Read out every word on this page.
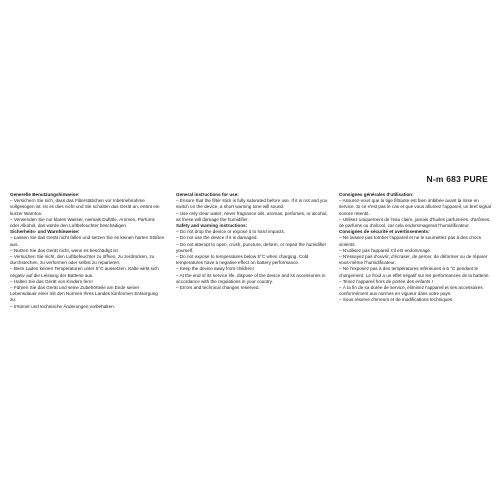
N-m 683 PURE
Generelle Benutzungshinweise:
– Versichern Sie sich, dass das Filterstäbchen vor Inbetriebnahme vollgesogen ist. Ist es dies nicht und Sie schalten das Gerät an, ertönt ein kurzer Warnton.
– Verwenden Sie nur klares Wasser, niemals Duftöle, Aromen, Parfums oder Alkohol, das würde den Luftbefeuchter beschädigen.
Sicherheits- und Warnhinweise:
– Lassen Sie das Gerät nicht fallen und setzen Sie es keinen harten Stößen aus.
– Nutzen Sie das Gerät nicht, wenn es beschädigt ist.
– Versuchen Sie nicht, den Luftbefeuchter zu öffnen, zu zerdrücken, zu durchstechen, zu verformen oder selbst zu reparieren.
– Beim Laden keinen Temperaturen unter 5°C aussetzen. Kälte wirkt sich negativ auf die Leistung der Batterie aus.
– Halten Sie das Gerät von Kindern fern!
– Führen Sie das Gerät und seine Zubehörteile am Ende seiner Lebensdauer einer mit den Normen Ihres Landes konformen Entsorgung zu.
– Irrtümer und technische Änderungen vorbehalten.
General instructions for use:
– Ensure that the filter stick is fully saturated before use. If it is not and you switch on the device, a short warning tone will sound.
– Use only clear water; never fragrance oils, aromas, perfumes, or alcohol, as these will damage the humidifier.
Safety and warning instructions:
– Do not drop the device or expose it to hard impacts.
– Do not use the device if it is damaged.
– Do not attempt to open, crush, puncture, deform, or repair the humidifier yourself.
– Do not expose to temperatures below 5°C when charging. Cold temperatures have a negative effect on battery performance.
– Keep the device away from children!
– At the end of its service life, dispose of the device and its accessories in accordance with the regulations in your country.
– Errors and technical changes reserved.
Consignes générales d'utilisation:
– Assurez-vous que la tige filtrante est bien imbibée avant la mise en service. Si ce n'est pas le cas et que vous allumez l'appareil, un bref signal sonore retentit.
– Utilisez uniquement de l'eau claire, jamais d'huiles parfumées, d'arômes, de parfums ou d'alcool, car cela endommagerait l'humidificateur.
Consignes de sécurité et avertissements:
– Ne laissez pas tomber l'appareil et ne le soumettez pas à des chocs violents.
– N'utilisez pas l'appareil s'il est endommagé.
– N'essayez pas d'ouvrir, d'écraser, de percer, de déformer ou de réparer vous-même l'humidificateur.
– Ne l'exposez pas à des températures inférieures à 5 °C pendant le chargement. Le froid a un effet négatif sur les performances de la batterie.
– Tenez l'appareil hors de portée des enfants !
– À la fin de sa durée de service, éliminez l'appareil et ses accessoires conformément aux normes en vigueur dans votre pays.
– Sous réserve d'erreurs et de modifications techniques.
